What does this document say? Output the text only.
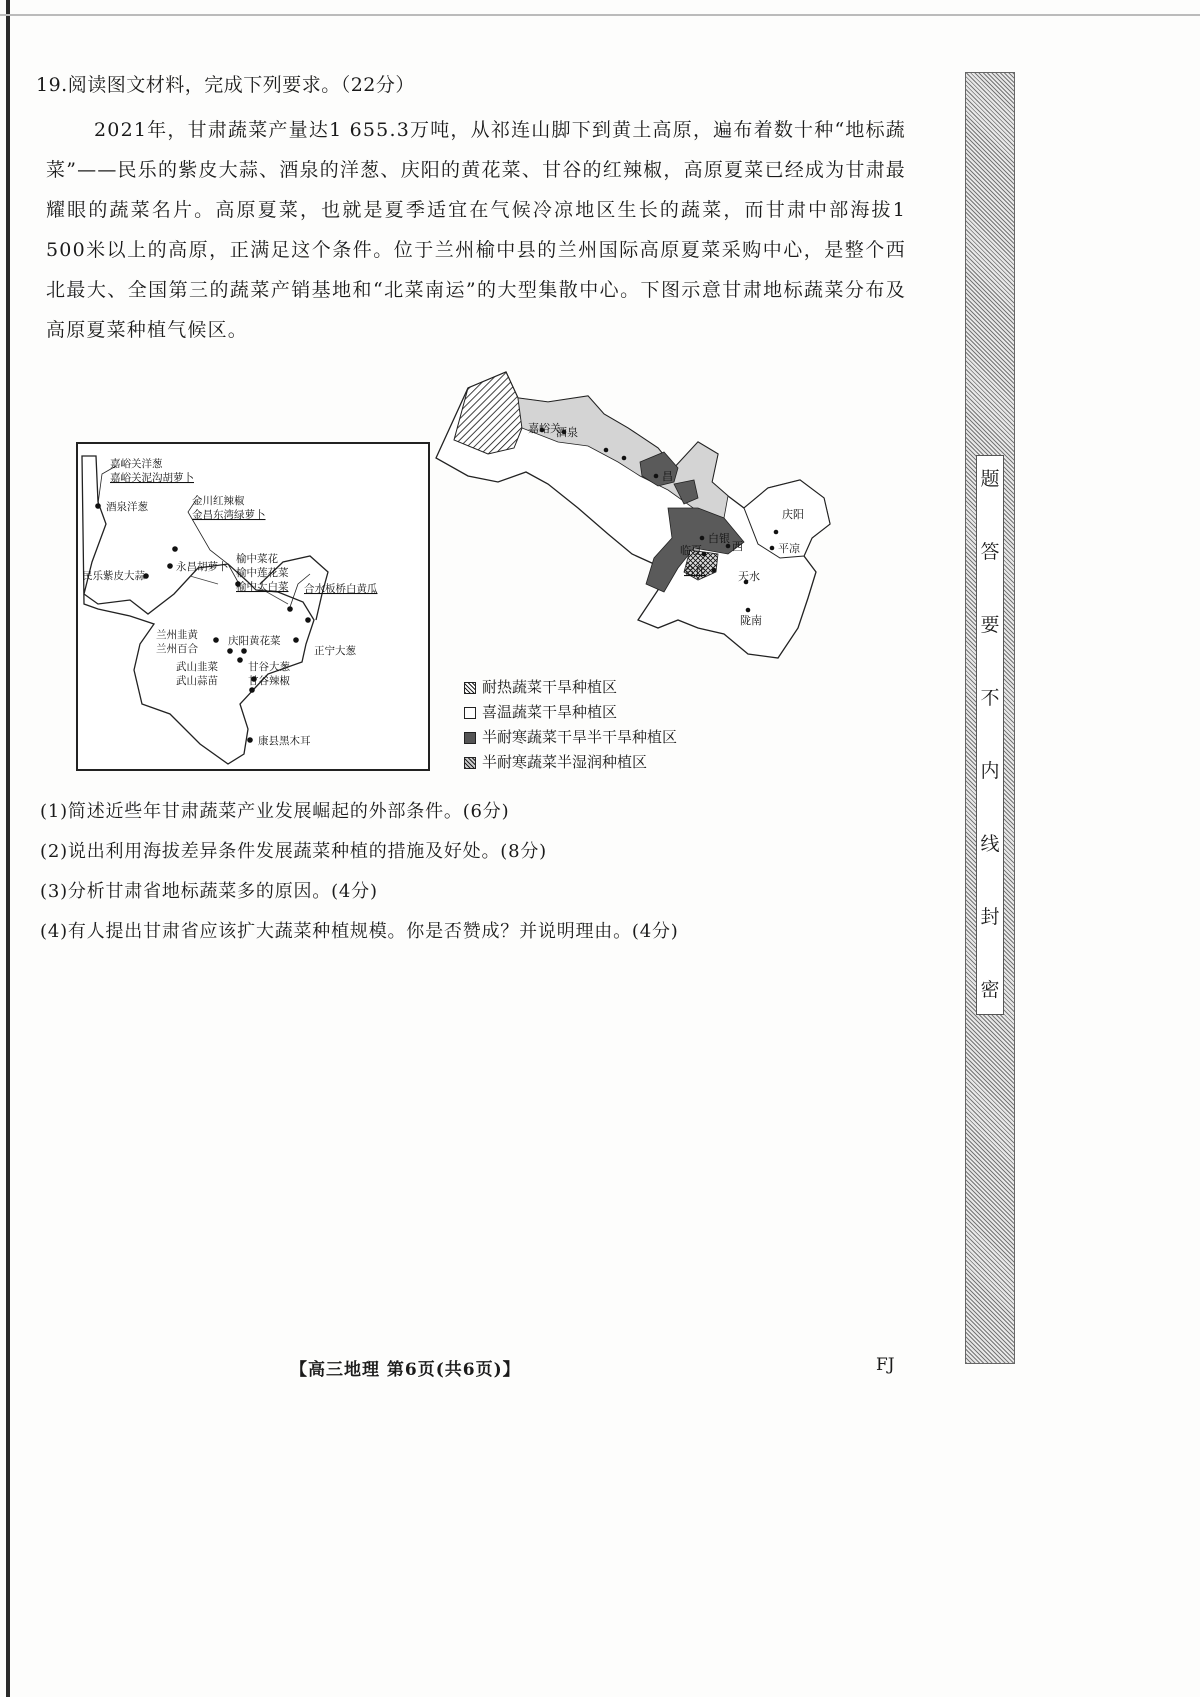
19.阅读图文材料，完成下列要求。（22分）
2021年，甘肃蔬菜产量达1 655.3万吨，从祁连山脚下到黄土高原，遍布着数十种“地标蔬菜”——民乐的紫皮大蒜、酒泉的洋葱、庆阳的黄花菜、甘谷的红辣椒，高原夏菜已经成为甘肃最耀眼的蔬菜名片。高原夏菜，也就是夏季适宜在气候冷凉地区生长的蔬菜，而甘肃中部海拔1 500米以上的高原，正满足这个条件。位于兰州榆中县的兰州国际高原夏菜采购中心，是整个西北最大、全国第三的蔬菜产销基地和“北菜南运”的大型集散中心。下图示意甘肃地标蔬菜分布及高原夏菜种植气候区。
嘉峪关洋葱
嘉峪关泥沟胡萝卜
酒泉洋葱	金川红辣椒
金昌东湾绿萝卜
民乐紫皮大蒜
永昌胡萝卜
榆中菜花
榆中莲花菜
榆中大白菜 合水板桥白黄瓜
兰州韭黄
兰州百合
庆阳黄花菜
正宁大葱
武山韭菜
武山蒜苗
甘谷大葱
甘谷辣椒
康县黑木耳
嘉峪关
酒泉
昌
白银
庆阳
平凉
临夏
合作
西
天水
陇南
耐热蔬菜干旱种植区
喜温蔬菜干旱种植区
半耐寒蔬菜干旱半干旱种植区
半耐寒蔬菜半湿润种植区
(1)简述近些年甘肃蔬菜产业发展崛起的外部条件。(6分)
(2)说出利用海拔差异条件发展蔬菜种植的措施及好处。(8分)
(3)分析甘肃省地标蔬菜多的原因。(4分)
(4)有人提出甘肃省应该扩大蔬菜种植规模。你是否赞成？并说明理由。(4分)
【高三地理 第6页(共6页)】	FJ
题
答
要
不
内
线
封
密
